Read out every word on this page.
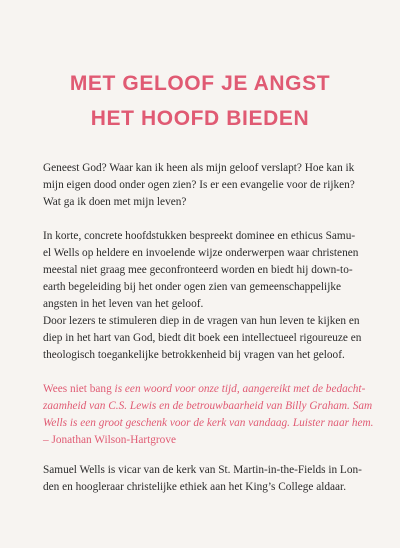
MET GELOOF JE ANGST
HET HOOFD BIEDEN
Geneest God? Waar kan ik heen als mijn geloof verslapt? Hoe kan ik
mijn eigen dood onder ogen zien? Is er een evangelie voor de rijken?
Wat ga ik doen met mijn leven?
In korte, concrete hoofdstukken bespreekt dominee en ethicus Samu-
el Wells op heldere en invoelende wijze onderwerpen waar christenen
meestal niet graag mee geconfronteerd worden en biedt hij down-to-
earth begeleiding bij het onder ogen zien van gemeenschappelijke
angsten in het leven van het geloof.
Door lezers te stimuleren diep in de vragen van hun leven te kijken en
diep in het hart van God, biedt dit boek een intellectueel rigoureuze en
theologisch toegankelijke betrokkenheid bij vragen van het geloof.
Wees niet bang is een woord voor onze tijd, aangereikt met de bedacht-
zaamheid van C.S. Lewis en de betrouwbaarheid van Billy Graham. Sam
Wells is een groot geschenk voor de kerk van vandaag. Luister naar hem.
– Jonathan Wilson-Hartgrove
Samuel Wells is vicar van de kerk van St. Martin-in-the-Fields in Lon-
den en hoogleraar christelijke ethiek aan het King’s College aldaar.
